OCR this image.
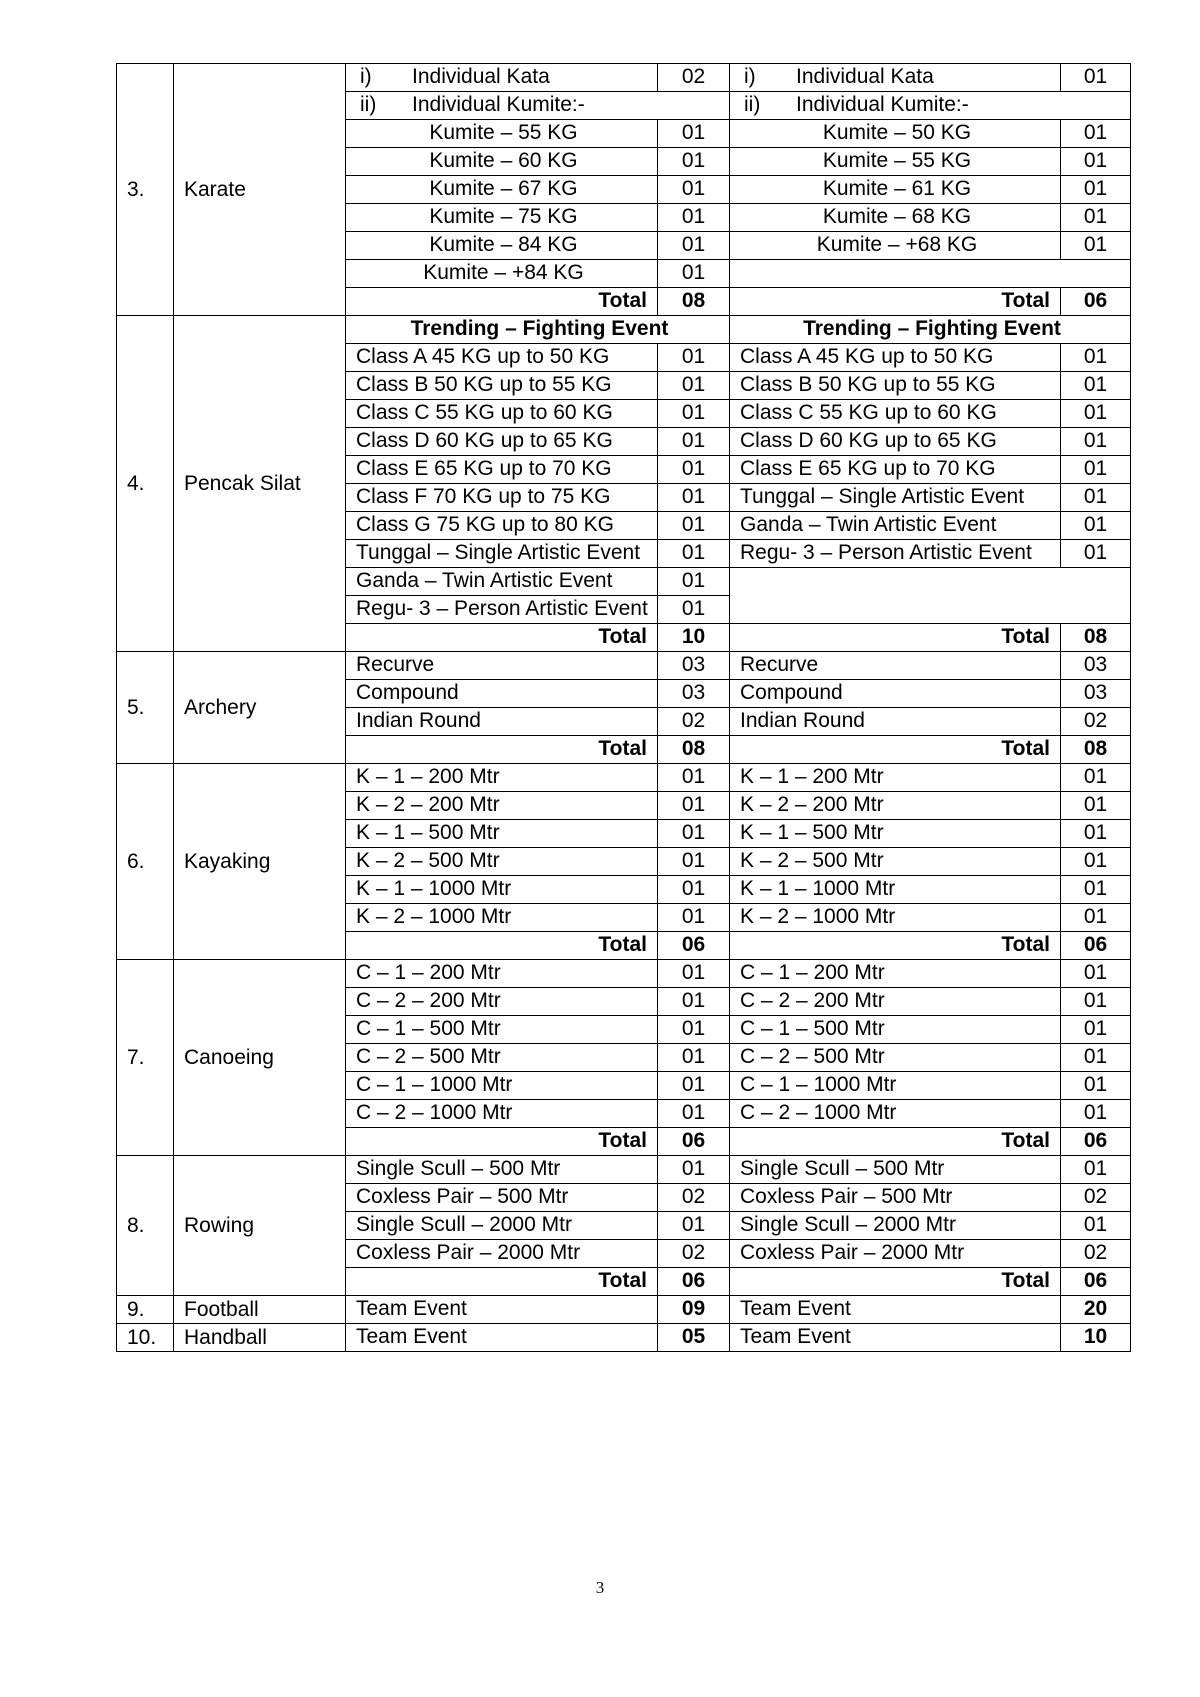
3.	Karate	i) Individual Kata	02	i) Individual Kata	01
		ii) Individual Kumite:-		ii) Individual Kumite:-	
		Kumite – 55 KG	01	Kumite – 50 KG	01
		Kumite – 60 KG	01	Kumite – 55 KG	01
		Kumite – 67 KG	01	Kumite – 61 KG	01
		Kumite – 75 KG	01	Kumite – 68 KG	01
		Kumite – 84 KG	01	Kumite – +68 KG	01
		Kumite – +84 KG	01		
		Total	08	Total	06
4.	Pencak Silat	Trending – Fighting Event		Trending – Fighting Event	
		Class A 45 KG up to 50 KG	01	Class A 45 KG up to 50 KG	01
		Class B 50 KG up to 55 KG	01	Class B 50 KG up to 55 KG	01
		Class C 55 KG up to 60 KG	01	Class C 55 KG up to 60 KG	01
		Class D 60 KG up to 65 KG	01	Class D 60 KG up to 65 KG	01
		Class E 65 KG up to 70 KG	01	Class E 65 KG up to 70 KG	01
		Class F 70 KG up to 75 KG	01	Tunggal – Single Artistic Event	01
		Class G 75 KG up to 80 KG	01	Ganda – Twin Artistic Event	01
		Tunggal – Single Artistic Event	01	Regu- 3 – Person Artistic Event	01
		Ganda – Twin Artistic Event	01		
		Regu- 3 – Person Artistic Event	01		
		Total	10	Total	08
5.	Archery	Recurve	03	Recurve	03
		Compound	03	Compound	03
		Indian Round	02	Indian Round	02
		Total	08	Total	08
6.	Kayaking	K – 1 – 200 Mtr	01	K – 1 – 200 Mtr	01
		K – 2 – 200 Mtr	01	K – 2 – 200 Mtr	01
		K – 1 – 500 Mtr	01	K – 1 – 500 Mtr	01
		K – 2 – 500 Mtr	01	K – 2 – 500 Mtr	01
		K – 1 – 1000 Mtr	01	K – 1 – 1000 Mtr	01
		K – 2 – 1000 Mtr	01	K – 2 – 1000 Mtr	01
		Total	06	Total	06
7.	Canoeing	C – 1 – 200 Mtr	01	C – 1 – 200 Mtr	01
		C – 2 – 200 Mtr	01	C – 2 – 200 Mtr	01
		C – 1 – 500 Mtr	01	C – 1 – 500 Mtr	01
		C – 2 – 500 Mtr	01	C – 2 – 500 Mtr	01
		C – 1 – 1000 Mtr	01	C – 1 – 1000 Mtr	01
		C – 2 – 1000 Mtr	01	C – 2 – 1000 Mtr	01
		Total	06	Total	06
8.	Rowing	Single Scull – 500 Mtr	01	Single Scull – 500 Mtr	01
		Coxless Pair – 500 Mtr	02	Coxless Pair – 500 Mtr	02
		Single Scull – 2000 Mtr	01	Single Scull – 2000 Mtr	01
		Coxless Pair – 2000 Mtr	02	Coxless Pair – 2000 Mtr	02
		Total	06	Total	06
9.	Football	Team Event	09	Team Event	20
10.	Handball	Team Event	05	Team Event	10
3
